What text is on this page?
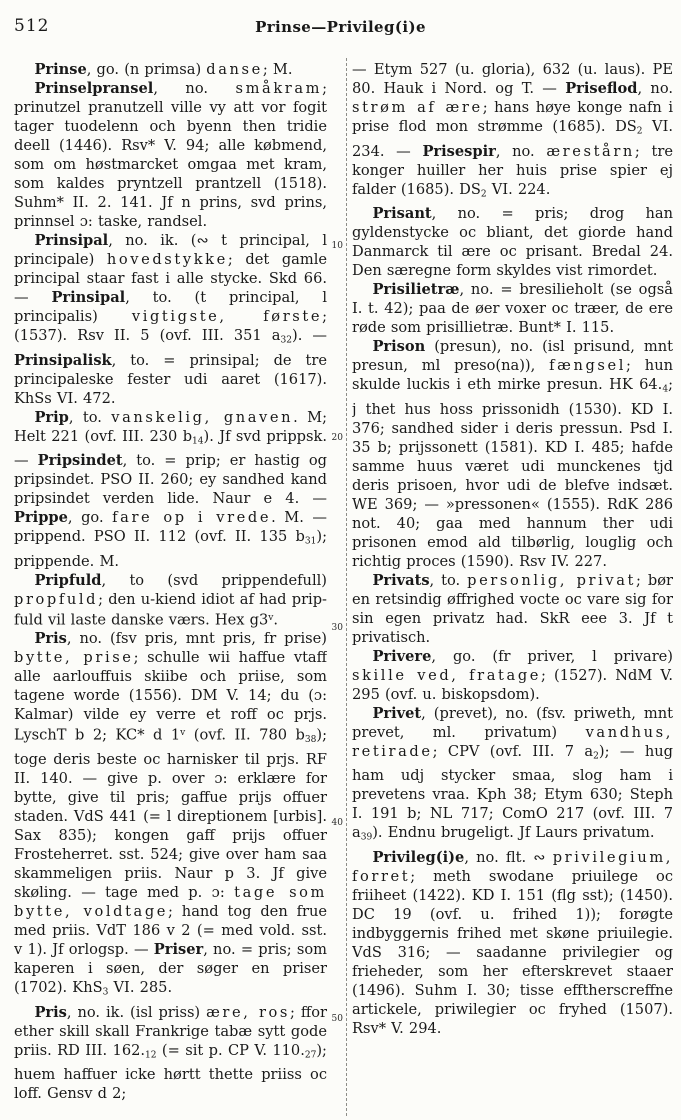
512	Prinse—Privileg(i)e
10
20
30
40
50

Prinse, go. (n primsa) danse; M.

Prinselpransel, no. småkram; prinutzel pranutzell ville vy att vor fogit tager tuodelenn och byenn then tridie deell (1446). Rsv* V. 94; alle købmend, som om høstmarcket omgaa met kram, som kaldes pryntzell prantzell (1518). Suhm* II. 2. 141. Jf n prins, svd prins, prinnsel ɔ: taske, randsel.

Prinsipal, no. ik. (∾ t principal, l principale) hovedstykke; det gamle principal staar fast i alle stycke. Skd 66. — Prinsipal, to. (t principal, l principalis) vigtigste, første; (1537). Rsv II. 5 (ovf. III. 351 a32). — Prinsipalisk, to. = prinsipal; de tre principaleske fester udi aaret (1617). KhSs VI. 472.

Prip, to. vanskelig, gnaven. M; Helt 221 (ovf. III. 230 b14). Jf svd prippsk. — Pripsindet, to. = prip; er hastig og pripsindet. PSO II. 260; ey sandhed kand pripsindet verden lide. Naur e 4. — Prippe, go. fare op i vrede. M. — prippend. PSO II. 112 (ovf. II. 135 b31); prippende. M.

Pripfuld, to (svd prippendefull) propfuld; den u-kiend idiot af had prip-fuld vil laste danske værs. Hex g3$^v$.

Pris, no. (fsv pris, mnt pris, fr prise) bytte, prise; schulle wii haffue vtaff alle aarlouffuis skiibe och priise, som tagene worde (1556). DM V. 14; du (ɔ: Kalmar) vilde ey verre et roff oc prjs. LyschT b 2; KC* d 1$^v$ (ovf. II. 780 b38); toge deris beste oc harnisker til prjs. RF II. 140. — give p. over ɔ: erklære for bytte, give til pris; gaffue prijs offuer staden. VdS 441 (= l direptionem [urbis]. Sax 835); kongen gaff prijs offuer Frosteherret. sst. 524; give over ham saa skammeligen priis. Naur p 3. Jf give skøling. — tage med p. ɔ: tage som bytte, voldtage; hand tog den frue med priis. VdT 186 v 2 (= med vold. sst. v 1). Jf orlogsp. — Priser, no. = pris; som kaperen i søen, der søger en priser (1702). KhS3 VI. 285.

Pris, no. ik. (isl priss) ære, ros; ffor ether skill skall Frankrige tabæ sytt gode priis. RD III. 162.12 (= sit p. CP V. 110.27); huem haffuer icke hørtt thette priiss oc loff. Gensv d 2;

— Etym 527 (u. gloria), 632 (u. laus). PE 80. Hauk i Nord. og T. — Priseflod, no. strøm af ære; hans høye konge nafn i prise flod mon strømme (1685). DS2 VI. 234. — Prisespir, no. ærestårn; tre konger huiller her huis prise spier ej falder (1685). DS2 VI. 224.

Prisant, no. = pris; drog han gyldenstycke oc bliant, det giorde hand Danmarck til ære oc prisant. Bredal 24. Den særegne form skyldes vist rimordet.

Prisilietræ, no. = bresilieholt (se også I. t. 42); paa de øer voxer oc træer, de ere røde som prisillietræ. Bunt* I. 115.

Prison (presun), no. (isl prisund, mnt presun, ml preso(na)), fængsel; hun skulde luckis i eth mirke presun. HK 64.4; j thet hus hoss prissonidh (1530). KD I. 376; sandhed sider i deris pressun. Psd I. 35 b; prijssonett (1581). KD I. 485; hafde samme huus været udi munckenes tjd deris prisoen, hvor udi de blefve indsæt. WE 369; — »pressonen« (1555). RdK 286 not. 40; gaa med hannum ther udi prisonen emod ald tilbørlig, louglig och richtig proces (1590). Rsv IV. 227.

Privats, to. personlig, privat; bør en retsindig øffrighed vocte oc vare sig for sin egen privatz had. SkR eee 3. Jf t privatisch.

Privere, go. (fr priver, l privare) skille ved, fratage; (1527). NdM V. 295 (ovf. u. biskopsdom).

Privet, (prevet), no. (fsv. priweth, mnt prevet, ml. privatum) vandhus, retirade; CPV (ovf. III. 7 a2); — hug ham udj stycker smaa, slog ham i prevetens vraa. Kph 38; Etym 630; Steph I. 191 b; NL 717; ComO 217 (ovf. III. 7 a39). Endnu brugeligt. Jf Laurs privatum.

Privileg(i)e, no. flt. ∾ privilegium, forret; meth swodane priuilege oc friiheet (1422). KD I. 151 (flg sst); (1450). DC 19 (ovf. u. frihed 1)); forøgte indbyggernis frihed met skøne priuilegie. VdS 316; — saadanne privilegier og frieheder, som her efterskrevet staaer (1496). Suhm I. 30; tisse efftherscreffne artickele, priwilegier oc fryhed (1507). Rsv* V. 294.
